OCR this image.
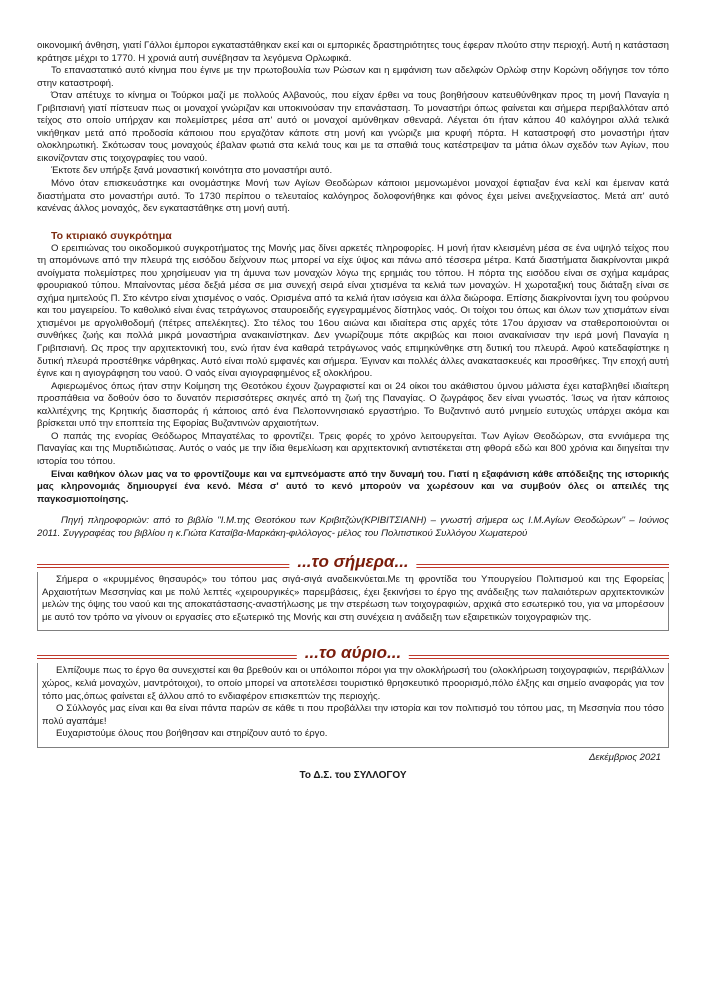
οικονομική άνθηση, γιατί Γάλλοι έμποροι εγκαταστάθηκαν εκεί και οι εμπορικές δραστηριότητες τους έφεραν πλούτο στην περιοχή. Αυτή η κατάσταση κράτησε μέχρι το 1770. Η χρονιά αυτή συνέβησαν τα λεγόμενα Ορλωφικά.

Το επαναστατικό αυτό κίνημα που έγινε με την πρωτοβουλία των Ρώσων και η εμφάνιση των αδελφών Ορλώφ στην Κορώνη οδήγησε τον τόπο στην καταστροφή.

Όταν απέτυχε το κίνημα οι Τούρκοι μαζί με πολλούς Αλβανούς, που είχαν έρθει να τους βοηθήσουν κατευθύνθηκαν προς τη μονή Παναγία η Γριβιτσιανή γιατί πίστευαν πως οι μοναχοί γνώριζαν και υποκινούσαν την επανάσταση. Το μοναστήρι όπως φαίνεται και σήμερα περιβαλλόταν από τείχος στο οποίο υπήρχαν και πολεμίστρες μέσα απ' αυτό οι μοναχοί αμύνθηκαν σθεναρά. Λέγεται ότι ήταν κάπου 40 καλόγηροι αλλά τελικά νικήθηκαν μετά από προδοσία κάποιου που εργαζόταν κάποτε στη μονή και γνώριζε μια κρυφή πόρτα. Η καταστροφή στο μοναστήρι ήταν ολοκληρωτική. Σκότωσαν τους μοναχούς έβαλαν φωτιά στα κελιά τους και με τα σπαθιά τους κατέστρεψαν τα μάτια όλων σχεδόν των Αγίων, που εικονίζονταν στις τοιχογραφίες του ναού.

Έκτοτε δεν υπήρξε ξανά μοναστική κοινότητα στο μοναστήρι αυτό.

Μόνο όταν επισκευάστηκε και ονομάστηκε Μονή των Αγίων Θεοδώρων κάποιοι μεμονωμένοι μοναχοί έφτιαξαν ένα κελί και έμειναν κατά διαστήματα στο μοναστήρι αυτό. Το 1730 περίπου ο τελευταίος καλόγηρος δολοφονήθηκε και φόνος έχει μείνει ανεξιχνείαστος. Μετά απ' αυτό κανένας άλλος μοναχός, δεν εγκαταστάθηκε στη μονή αυτή.

Το κτιριακό συγκρότημα

Ο ερειπιώνας του οικοδομικού συγκροτήματος της Μονής μας δίνει αρκετές πληροφορίες. Η μονή ήταν κλεισμένη μέσα σε ένα υψηλό τείχος που τη απομόνωνε από την πλευρά της εισόδου δείχνουν πως μπορεί να είχε ύψος και πάνω από τέσσερα μέτρα. Κατά διαστήματα διακρίνονται μικρά ανοίγματα πολεμίστρες που χρησίμευαν για τη άμυνα των μοναχών λόγω της ερημιάς του τόπου. Η πόρτα της εισόδου είναι σε σχήμα καμάρας φρουριακού τύπου. Μπαίνοντας μέσα δεξιά μέσα σε μια συνεχή σειρά είναι χτισμένα τα κελιά των μοναχών. Η χωροταξική τους διάταξη είναι σε σχήμα ημιτελούς Π. Στο κέντρο είναι χτισμένος ο ναός. Ορισμένα από τα κελιά ήταν ισόγεια και άλλα διώροφα. Επίσης διακρίνονται ίχνη του φούρνου και του μαγειρείου. Το καθολικό είναι ένας τετράγωνος σταυροειδής εγγεγραμμένος δίστηλος ναός. Οι τοίχοι του όπως και όλων των χτισμάτων είναι χτισμένοι με αργολιθοδομή (πέτρες απελέκητες). Στο τέλος του 16ου αιώνα και ιδιαίτερα στις αρχές τότε 17ου άρχισαν να σταθεροποιούνται οι συνθήκες ζωής και πολλά μικρά μοναστήρια ανακαινίστηκαν. Δεν γνωρίζουμε πότε ακριβώς και ποιοι ανακαίνισαν την ιερά μονή Παναγία η Γριβιτσιανή. Ως προς την αρχιτεκτονική του, ενώ ήταν ένα καθαρά τετράγωνος ναός επιμηκύνθηκε στη δυτική του πλευρά. Αφού κατεδαφίστηκε η δυτική πλευρά προστέθηκε νάρθηκας. Αυτό είναι πολύ εμφανές και σήμερα. Έγιναν και πολλές άλλες ανακατασκευές και προσθήκες. Την εποχή αυτή έγινε και η αγιογράφηση του ναού. Ο ναός είναι αγιογραφημένος εξ ολοκλήρου.

Αφιερωμένος όπως ήταν στην Κοίμηση της Θεοτόκου έχουν ζωγραφιστεί και οι 24 οίκοι του ακάθιστου ύμνου μάλιστα έχει καταβληθεί ιδιαίτερη προσπάθεια να δοθούν όσο το δυνατόν περισσότερες σκηνές από τη ζωή της Παναγίας. Ο ζωγράφος δεν είναι γνωστός. Ίσως να ήταν κάποιος καλλιτέχνης της Κρητικής διασποράς ή κάποιος από ένα Πελοποννησιακό εργαστήριο. Το Βυζαντινό αυτό μνημείο ευτυχώς υπάρχει ακόμα και βρίσκεται υπό την εποπτεία της Εφορίας Βυζαντινών αρχαιοτήτων.

Ο παπάς της ενορίας Θεόδωρος Μπαγατέλας το φροντίζει. Τρεις φορές το χρόνο λειτουργείται. Των Αγίων Θεοδώρων, στα εννιάμερα της Παναγίας και της Μυρτιδιώτισας. Αυτός ο ναός με την ίδια θεμελίωση και αρχιτεκτονική αντιστέκεται στη φθορά εδώ και 800 χρόνια και διηγείται την ιστορία του τόπου.

Είναι καθήκον όλων μας να το φροντίζουμε και να εμπνεόμαστε από την δυναμή του. Γιατί η εξαφάνιση κάθε απόδειξης της ιστορικής μας κληρονομιάς δημιουργεί ένα κενό. Μέσα σ' αυτό το κενό μπορούν να χωρέσουν και να συμβούν όλες οι απειλές της παγκοσμιοποίησης.

Πηγή πληροφοριών: από το βιβλίο ''Ι.Μ.της Θεοτόκου των Κριβιτζών(ΚΡΙΒΙΤΣΙΑΝΗ) – γνωστή σήμερα ως Ι.Μ.Αγίων Θεοδώρων'' – Ιούνιος 2011. Συγγραφέας του βιβλίου η κ.Γιώτα Κατσίβα-Μαρκάκη-φιλόλογος- μέλος του Πολιτιστικού Συλλόγου Χωματερού

...το σήμερα...

Σήμερα ο «κρυμμένος θησαυρός» του τόπου μας σιγά-σιγά αναδεικνύεται.Με τη φροντίδα του Υπουργείου Πολιτισμού και της Εφορείας Αρχαιοτήτων Μεσσηνίας και με πολύ λεπτές «χειρουργικές» παρεμβάσεις, έχει ξεκινήσει το έργο της ανάδειξης των παλαιότερων αρχιτεκτονικών μελών της όψης του ναού και της αποκατάστασης-αναστήλωσης με την στερέωση των τοιχογραφιών, αρχικά στο εσωτερικό του, για να μπορέσουν με αυτό τον τρόπο να γίνουν οι εργασίες στο εξωτερικό της Μονής και στη συνέχεια η ανάδειξη των εξαιρετικών τοιχογραφιών της.

...το αύριο...

Ελπίζουμε πως το έργο θα συνεχιστεί και θα βρεθούν και οι υπόλοιποι πόροι για την ολοκλήρωσή του (ολοκλήρωση τοιχογραφιών, περιβάλλων χώρος, κελιά μοναχών, μαντρότοιχοι), το οποίο μπορεί να αποτελέσει τουριστικό θρησκευτικό προορισμό,πόλο έλξης και σημείο αναφοράς για τον τόπο μας,όπως φαίνεται εξ άλλου από το ενδιαφέρον επισκεπτών της περιοχής.

Ο Σύλλογός μας είναι και θα είναι πάντα παρών σε κάθε τι που προβάλλει την ιστορία και τον πολιτισμό του τόπου μας, τη Μεσσηνία που τόσο πολύ αγαπάμε!

Ευχαριστούμε όλους που βοήθησαν και στηρίζουν αυτό το έργο.

Δεκέμβριος 2021
Το Δ.Σ. του ΣΥΛΛΟΓΟΥ
